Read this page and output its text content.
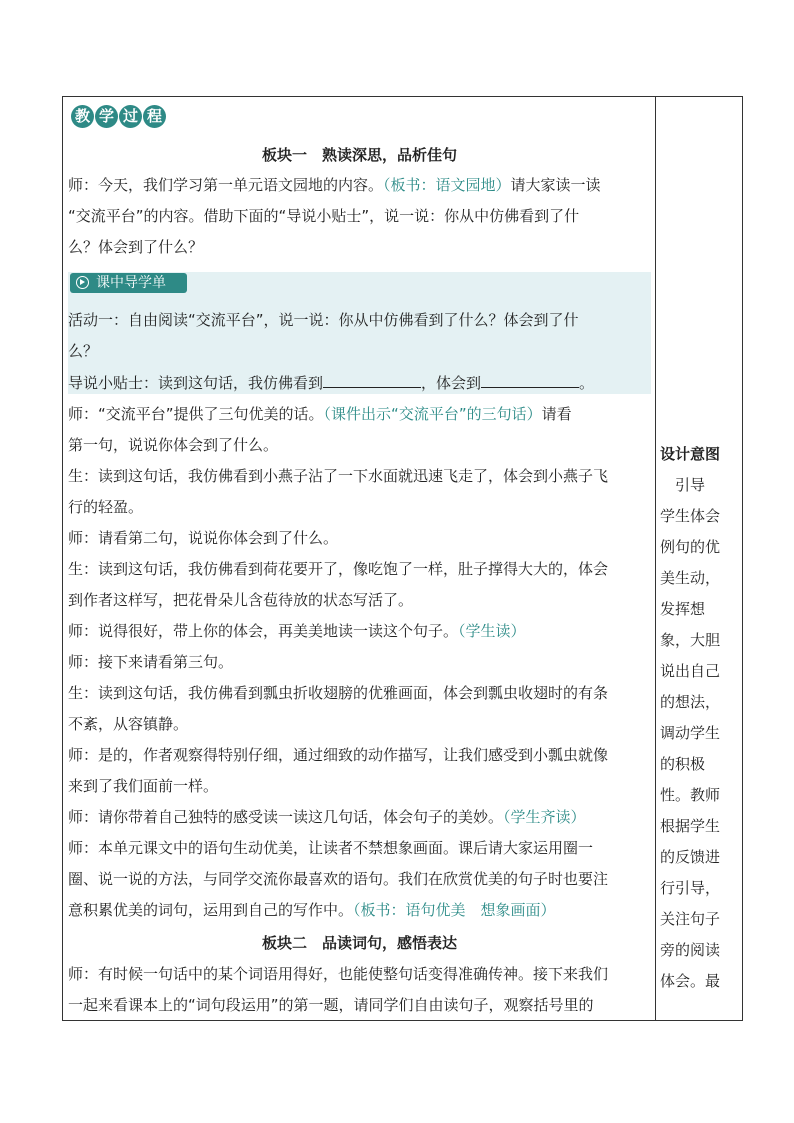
教 学 过 程
板块一　熟读深思，品析佳句
师：今天，我们学习第一单元语文园地的内容。（板书：语文园地）请大家读一读
“交流平台”的内容。借助下面的“导说小贴士”，说一说：你从中仿佛看到了什
么？体会到了什么？
课中导学单
活动一：自由阅读“交流平台”，说一说：你从中仿佛看到了什么？体会到了什
么？
导说小贴士：读到这句话，我仿佛看到	，体会到	。
师：“交流平台”提供了三句优美的话。（课件出示“交流平台”的三句话）请看
第一句，说说你体会到了什么。
生：读到这句话，我仿佛看到小燕子沾了一下水面就迅速飞走了，体会到小燕子飞
行的轻盈。
师：请看第二句，说说你体会到了什么。
生：读到这句话，我仿佛看到荷花要开了，像吃饱了一样，肚子撑得大大的，体会
到作者这样写，把花骨朵儿含苞待放的状态写活了。
师：说得很好，带上你的体会，再美美地读一读这个句子。（学生读）
师：接下来请看第三句。
生：读到这句话，我仿佛看到瓢虫折收翅膀的优雅画面，体会到瓢虫收翅时的有条
不紊，从容镇静。
师：是的，作者观察得特别仔细，通过细致的动作描写，让我们感受到小瓢虫就像
来到了我们面前一样。
师：请你带着自己独特的感受读一读这几句话，体会句子的美妙。（学生齐读）
师：本单元课文中的语句生动优美，让读者不禁想象画面。课后请大家运用圈一
圈、说一说的方法，与同学交流你最喜欢的语句。我们在欣赏优美的句子时也要注
意积累优美的词句，运用到自己的写作中。（板书：语句优美　想象画面）
板块二　品读词句，感悟表达
师：有时候一句话中的某个词语用得好，也能使整句话变得准确传神。接下来我们
一起来看课本上的“词句段运用”的第一题，请同学们自由读句子，观察括号里的
设计意图
　引导
学生体会
例句的优
美生动，
发挥想
象，大胆
说出自己
的想法，
调动学生
的积极
性。教师
根据学生
的反馈进
行引导，
关注句子
旁的阅读
体会。最
